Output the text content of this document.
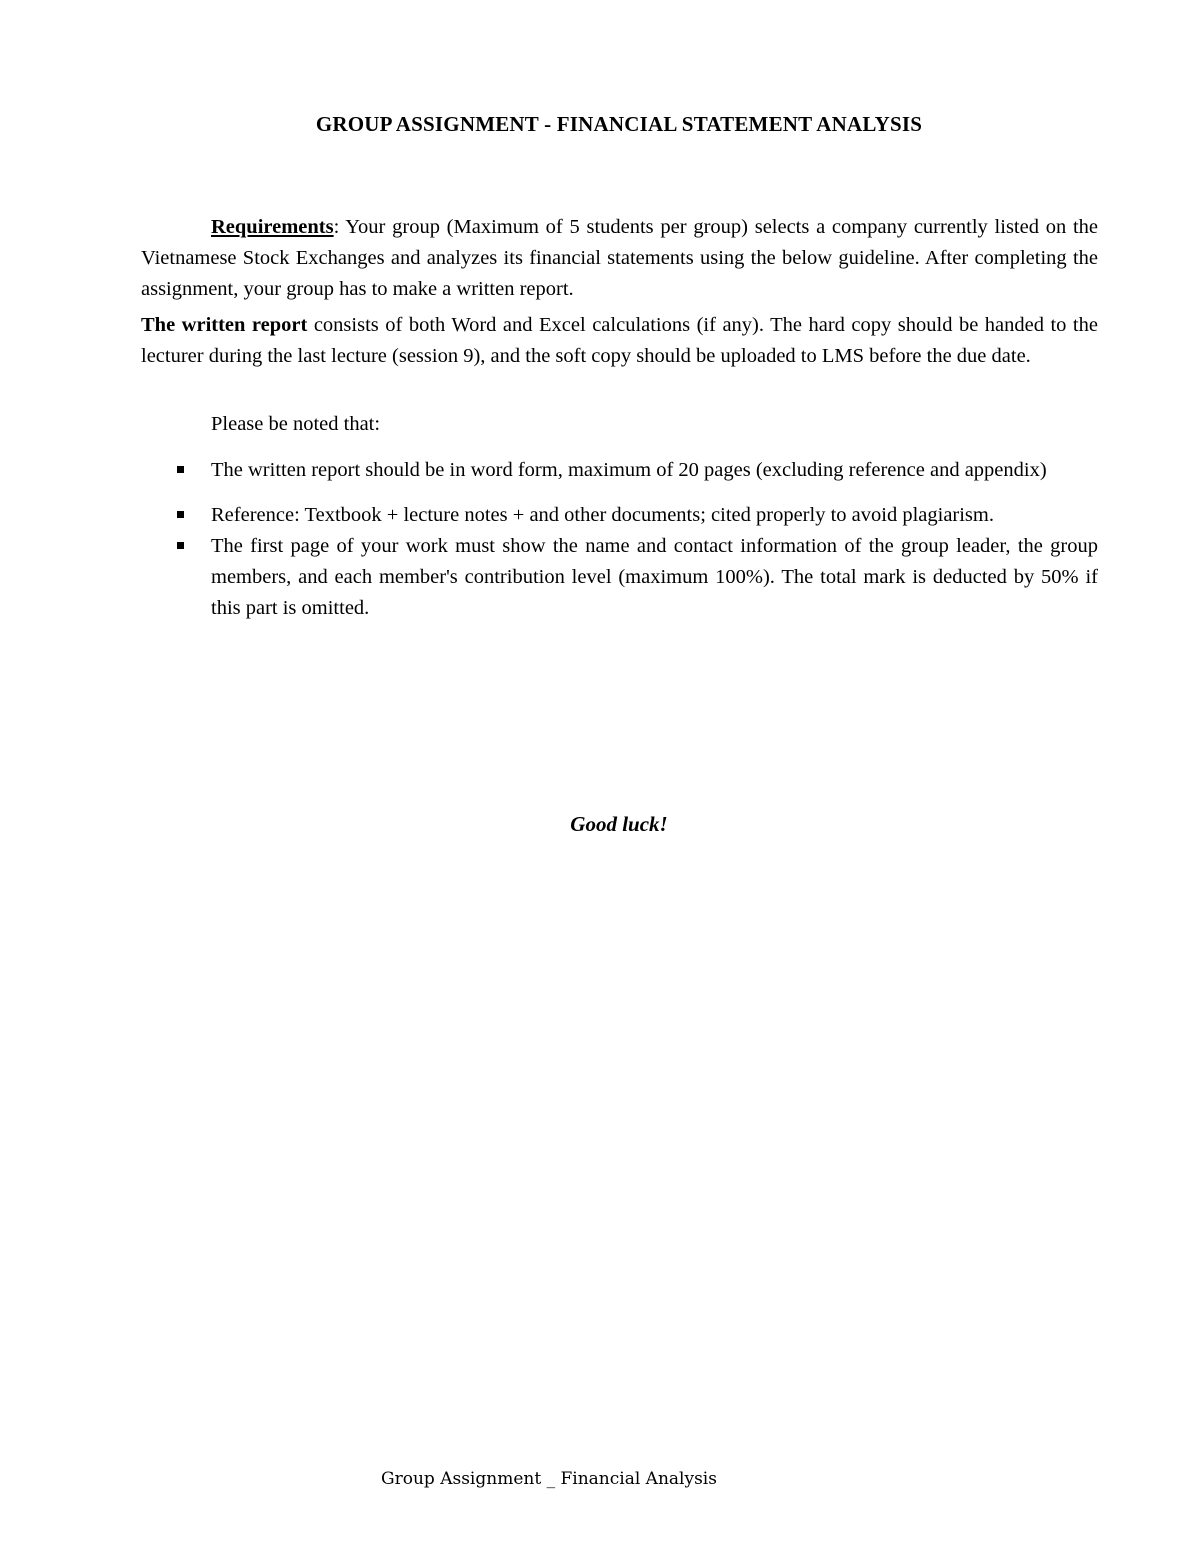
GROUP ASSIGNMENT - FINANCIAL STATEMENT ANALYSIS
Requirements: Your group (Maximum of 5 students per group) selects a company currently listed on the Vietnamese Stock Exchanges and analyzes its financial statements using the below guideline. After completing the assignment, your group has to make a written report.
The written report consists of both Word and Excel calculations (if any). The hard copy should be handed to the lecturer during the last lecture (session 9), and the soft copy should be uploaded to LMS before the due date.
Please be noted that:
The written report should be in word form, maximum of 20 pages (excluding reference and appendix)
Reference: Textbook + lecture notes + and other documents; cited properly to avoid plagiarism.
The first page of your work must show the name and contact information of the group leader, the group members, and each member's contribution level (maximum 100%). The total mark is deducted by 50% if this part is omitted.
Good luck!
Group Assignment _ Financial Analysis
